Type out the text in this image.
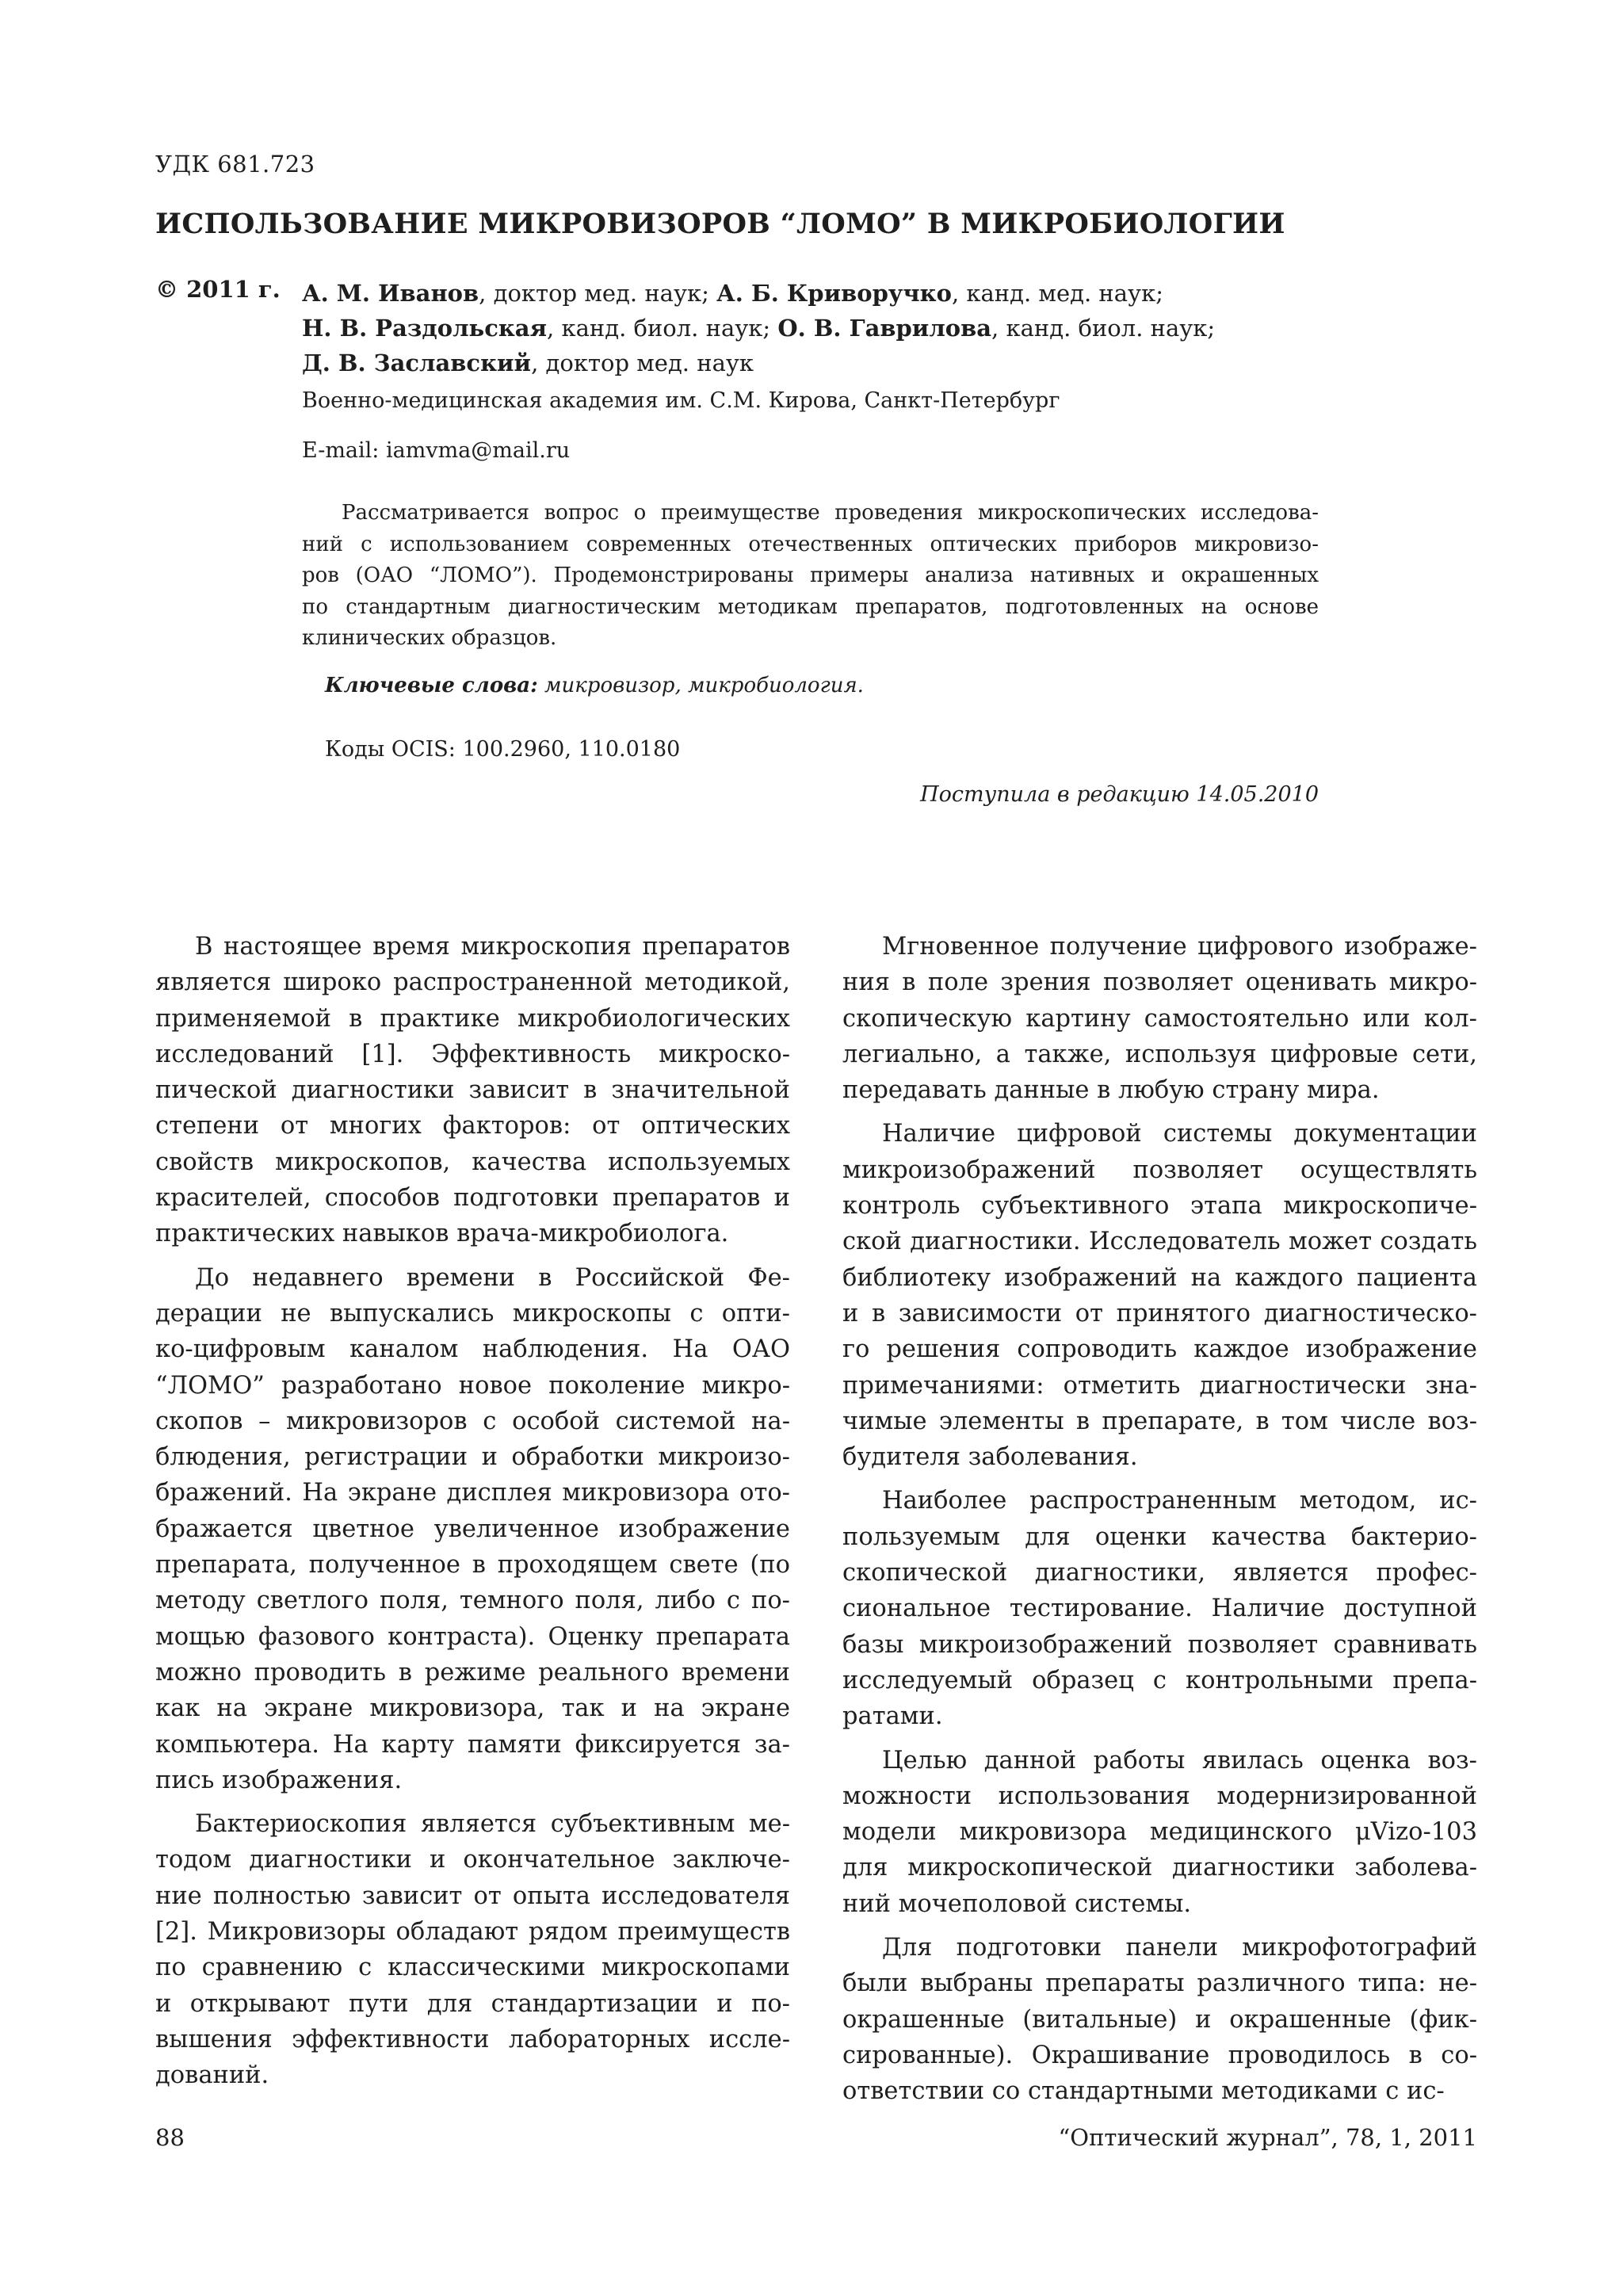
УДК 681.723
ИСПОЛЬЗОВАНИЕ МИКРОВИЗОРОВ “ЛОМО” В МИКРОБИОЛОГИИ
© 2011 г. А. М. Иванов, доктор мед. наук; А. Б. Криворучко, канд. мед. наук;
Н. В. Раздольская, канд. биол. наук; О. В. Гаврилова, канд. биол. наук;
Д. В. Заславский, доктор мед. наук
Военно-медицинская академия им. С.М. Кирова, Санкт-Петербург
E-mail: iamvma@mail.ru
Рассматривается вопрос о преимуществе проведения микроскопических исследова-
ний с использованием современных отечественных оптических приборов микровизо-
ров (ОАО “ЛОМО”). Продемонстрированы примеры анализа нативных и окрашенных
по стандартным диагностическим методикам препаратов, подготовленных на основе
клинических образцов.
Ключевые слова: микровизор, микробиология.
Коды OCIS: 100.2960, 110.0180
Поступила в редакцию 14.05.2010
В настоящее время микроскопия препаратов
является широко распространенной методикой,
применяемой в практике микробиологических
исследований [1]. Эффективность микроско-
пической диагностики зависит в значительной
степени от многих факторов: от оптических
свойств микроскопов, качества используемых
красителей, способов подготовки препаратов и
практических навыков врача-микробиолога.
До недавнего времени в Российской Фе-
дерации не выпускались микроскопы с опти-
ко-цифровым каналом наблюдения. На ОАО
“ЛОМО” разработано новое поколение микро-
скопов – микровизоров с особой системой на-
блюдения, регистрации и обработки микроизо-
бражений. На экране дисплея микровизора ото-
бражается цветное увеличенное изображение
препарата, полученное в проходящем свете (по
методу светлого поля, темного поля, либо с по-
мощью фазового контраста). Оценку препарата
можно проводить в режиме реального времени
как на экране микровизора, так и на экране
компьютера. На карту памяти фиксируется за-
пись изображения.
Бактериоскопия является субъективным ме-
тодом диагностики и окончательное заключе-
ние полностью зависит от опыта исследователя
[2]. Микровизоры обладают рядом преимуществ
по сравнению с классическими микроскопами
и открывают пути для стандартизации и по-
вышения эффективности лабораторных иссле-
дований.
Мгновенное получение цифрового изображе-
ния в поле зрения позволяет оценивать микро-
скопическую картину самостоятельно или кол-
легиально, а также, используя цифровые сети,
передавать данные в любую страну мира.
Наличие цифровой системы документации
микроизображений позволяет осуществлять
контроль субъективного этапа микроскопиче-
ской диагностики. Исследователь может создать
библиотеку изображений на каждого пациента
и в зависимости от принятого диагностическо-
го решения сопроводить каждое изображение
примечаниями: отметить диагностически зна-
чимые элементы в препарате, в том числе воз-
будителя заболевания.
Наиболее распространенным методом, ис-
пользуемым для оценки качества бактерио-
скопической диагностики, является профес-
сиональное тестирование. Наличие доступной
базы микроизображений позволяет сравнивать
исследуемый образец с контрольными препа-
ратами.
Целью данной работы явилась оценка воз-
можности использования модернизированной
модели микровизора медицинского μVizo-103
для микроскопической диагностики заболева-
ний мочеполовой системы.
Для подготовки панели микрофотографий
были выбраны препараты различного типа: не-
окрашенные (витальные) и окрашенные (фик-
сированные). Окрашивание проводилось в со-
ответствии со стандартными методиками с ис-
88	“Оптический журнал”, 78, 1, 2011
